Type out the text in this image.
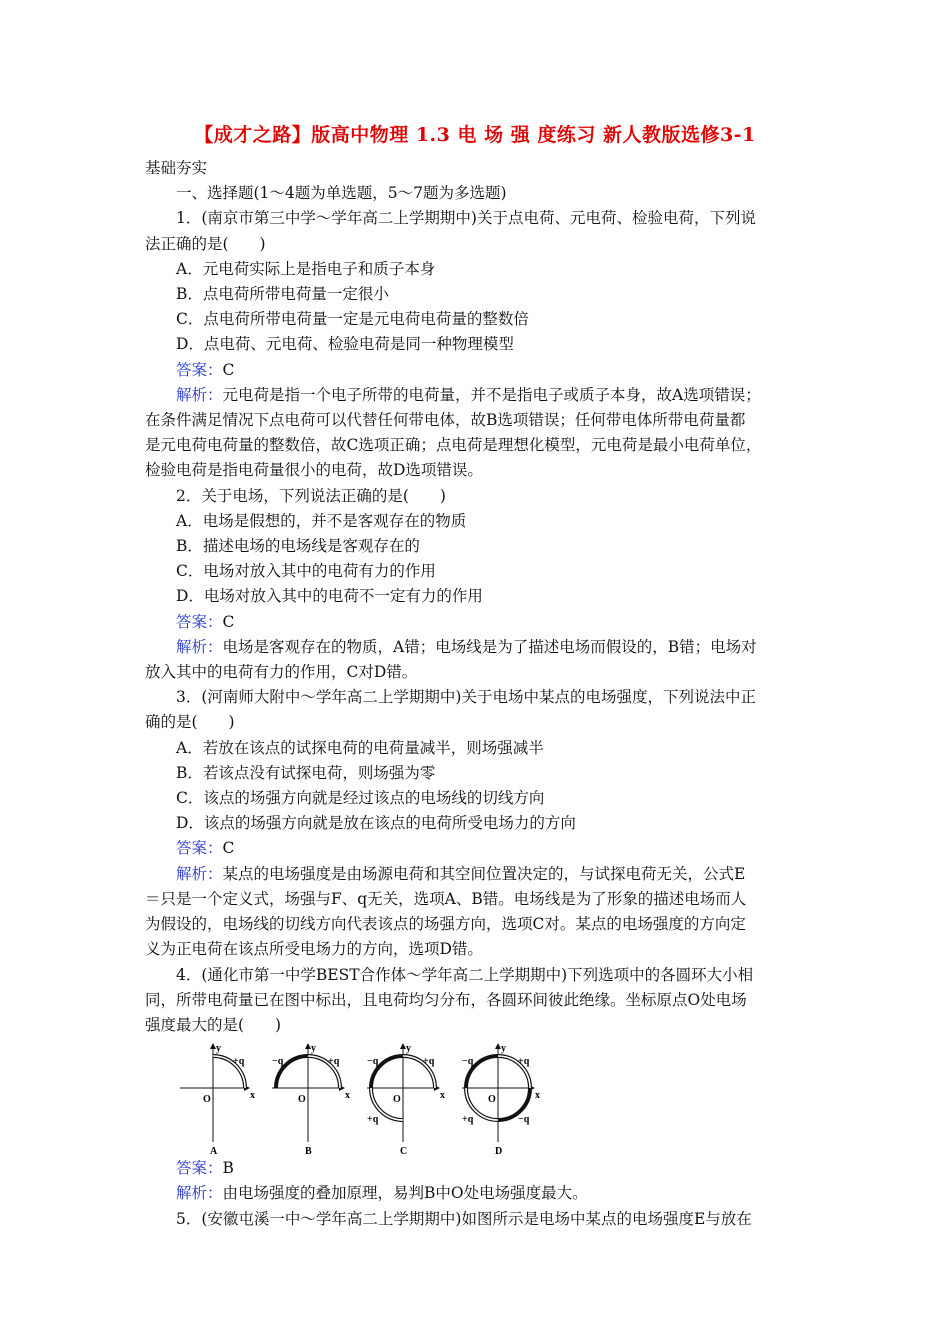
【成才之路】版高中物理 1.3 电 场 强 度练习 新人教版选修3-1
基础夯实
一、选择题(1～4题为单选题，5～7题为多选题)
1．(南京市第三中学～学年高二上学期期中)关于点电荷、元电荷、检验电荷，下列说
法正确的是(　　)
A．元电荷实际上是指电子和质子本身
B．点电荷所带电荷量一定很小
C．点电荷所带电荷量一定是元电荷电荷量的整数倍
D．点电荷、元电荷、检验电荷是同一种物理模型
答案：C
解析：元电荷是指一个电子所带的电荷量，并不是指电子或质子本身，故A选项错误；
在条件满足情况下点电荷可以代替任何带电体，故B选项错误；任何带电体所带电荷量都
是元电荷电荷量的整数倍，故C选项正确；点电荷是理想化模型，元电荷是最小电荷单位，
检验电荷是指电荷量很小的电荷，故D选项错误。
2．关于电场，下列说法正确的是(　　)
A．电场是假想的，并不是客观存在的物质
B．描述电场的电场线是客观存在的
C．电场对放入其中的电荷有力的作用
D．电场对放入其中的电荷不一定有力的作用
答案：C
解析：电场是客观存在的物质，A错；电场线是为了描述电场而假设的，B错；电场对
放入其中的电荷有力的作用，C对D错。
3．(河南师大附中～学年高二上学期期中)关于电场中某点的电场强度，下列说法中正
确的是(　　)
A．若放在该点的试探电荷的电荷量减半，则场强减半
B．若该点没有试探电荷，则场强为零
C．该点的场强方向就是经过该点的电场线的切线方向
D．该点的场强方向就是放在该点的电荷所受电场力的方向
答案：C
解析：某点的电场强度是由场源电荷和其空间位置决定的，与试探电荷无关，公式E
＝只是一个定义式，场强与F、q无关，选项A、B错。电场线是为了形象的描述电场而人
为假设的，电场线的切线方向代表该点的场强方向，选项C对。某点的电场强度的方向定
义为正电荷在该点所受电场力的方向，选项D错。
4．(通化市第一中学BEST合作体～学年高二上学期期中)下列选项中的各圆环大小相
同，所带电荷量已在图中标出，且电荷均匀分布，各圆环间彼此绝缘。坐标原点O处电场
强度最大的是(　　)
y
x
O
+q
A
y
x
O
−q	+q
B
y
x
O
−q	+q
+q
C
y
x
O
−q	+q
+q	−q
D
答案：B
解析：由电场强度的叠加原理，易判B中O处电场强度最大。
5．(安徽屯溪一中～学年高二上学期期中)如图所示是电场中某点的电场强度E与放在
